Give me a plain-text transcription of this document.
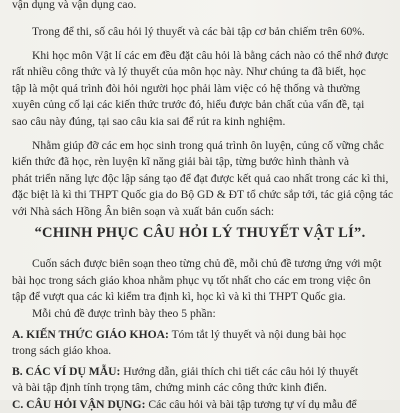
vận dụng và vận dụng cao.
Trong để thi, số câu hỏi lý thuyết và các bài tập cơ bản chiếm trên 60%.
Khi học môn Vật lí các em đều đặt câu hỏi là bằng cách nào có thể nhớ được
rất nhiều công thức và lý thuyết của môn học này. Như chúng ta đã biết, học
tập là một quá trình đòi hỏi người học phải làm việc có hệ thống và thường
xuyên củng cố lại các kiến thức trước đó, hiểu được bản chất của vấn đề, tại
sao câu này đúng, tại sao câu kia sai để rút ra kinh nghiệm.
Nhằm giúp đỡ các em học sinh trong quá trình ôn luyện, củng cố vững chắc
kiến thức đã học, rèn luyện kĩ năng giải bài tập, từng bước hình thành và
phát triển năng lực độc lập sáng tạo để đạt được kết quả cao nhất trong các kì thi,
đặc biệt là kì thi THPT Quốc gia do Bộ GD & ĐT tổ chức sắp tới, tác giả cộng tác
với Nhà sách Hồng Ân biên soạn và xuất bản cuốn sách:
“CHINH PHỤC CÂU HỎI LÝ THUYẾT VẬT LÍ”.
Cuốn sách được biên soạn theo từng chủ đề, mỗi chủ đề tương ứng với một
bài học trong sách giáo khoa nhằm phục vụ tốt nhất cho các em trong việc ôn
tập để vượt qua các kì kiểm tra định kì, học kì và kì thi THPT Quốc gia.
Mỗi chủ đề được trình bày theo 5 phần:
A. KIẾN THỨC GIÁO KHOA: Tóm tắt lý thuyết và nội dung bài học
trong sách giáo khoa.
B. CÁC VÍ DỤ MẪU: Hướng dẫn, giải thích chi tiết các câu hỏi lý thuyết
và bài tập định tính trọng tâm, chứng minh các công thức kinh điển.
C. CÂU HỎI VẬN DỤNG: Các câu hỏi và bài tập tương tự ví dụ mẫu để
